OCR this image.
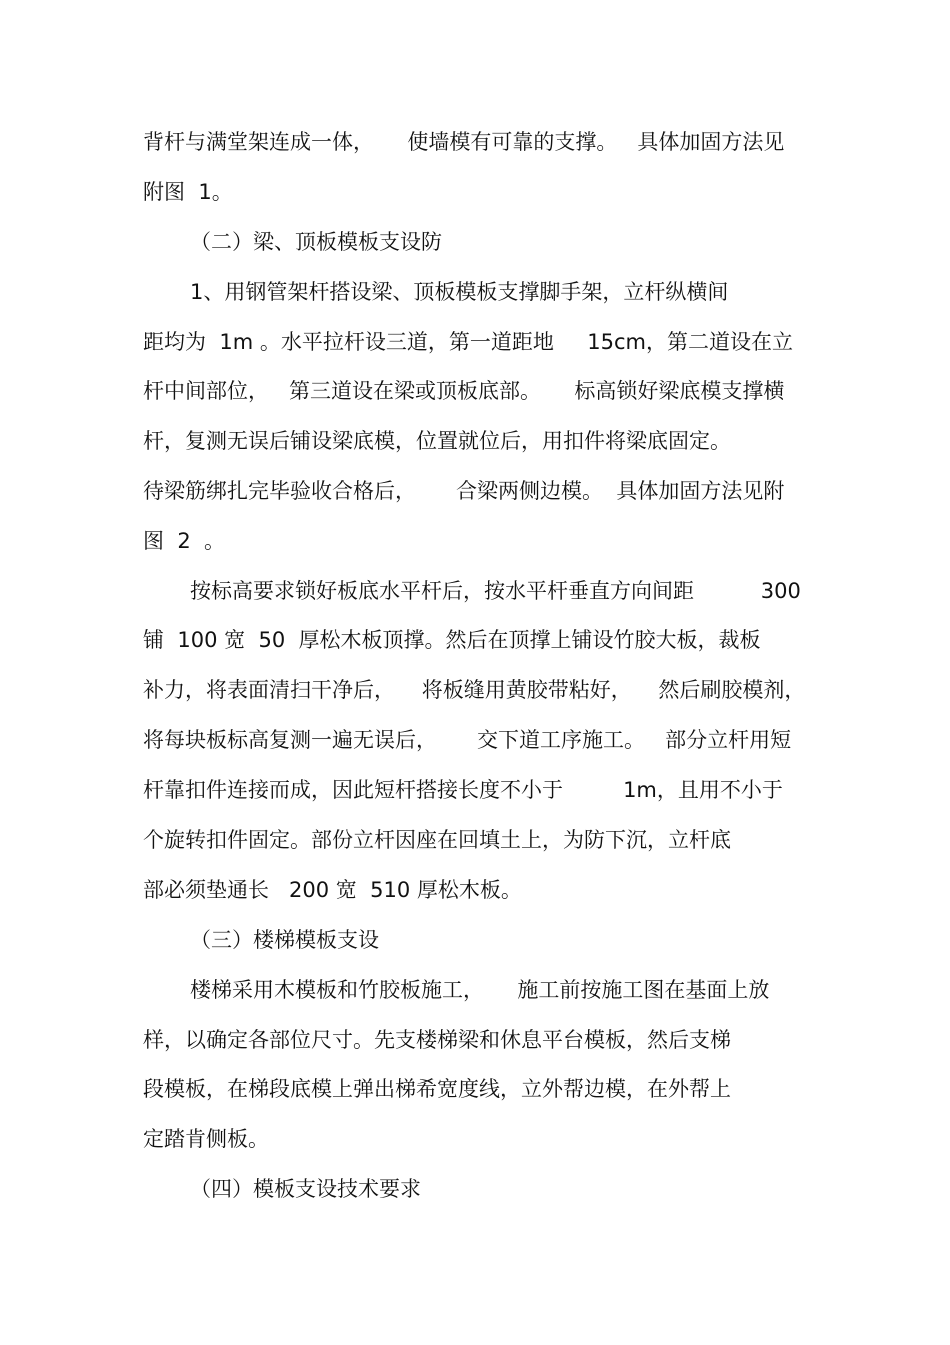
背杆与满堂架连成一体，     使墙模有可靠的支撑。   具体加固方法见
附图  1。
（二）梁、顶板模板支设防
1、用钢管架杆搭设梁、顶板模板支撑脚手架，立杆纵横间
距均为  1m 。水平拉杆设三道，第一道距地     15cm，第二道设在立
杆中间部位，   第三道设在梁或顶板底部。     标高锁好梁底模支撑横
杆，复测无误后铺设梁底模，位置就位后，用扣件将梁底固定。
待梁筋绑扎完毕验收合格后，      合梁两侧边模。  具体加固方法见附
图  2  。
按标高要求锁好板底水平杆后，按水平杆垂直方向间距          300
铺  100 宽  50  厚松木板顶撑。然后在顶撑上铺设竹胶大板，裁板
补力，将表面清扫干净后，    将板缝用黄胶带粘好，    然后刷胶模剂，
将每块板标高复测一遍无误后，      交下道工序施工。   部分立杆用短
杆靠扣件连接而成，因此短杆搭接长度不小于         1m，且用不小于
个旋转扣件固定。部份立杆因座在回填土上，为防下沉，立杆底
部必须垫通长   200 宽  510 厚松木板。
（三）楼梯模板支设
楼梯采用木模板和竹胶板施工，     施工前按施工图在基面上放
样，以确定各部位尺寸。先支楼梯梁和休息平台模板，然后支梯
段模板，在梯段底模上弹出梯希宽度线，立外帮边模，在外帮上
定踏肯侧板。
（四）模板支设技术要求
